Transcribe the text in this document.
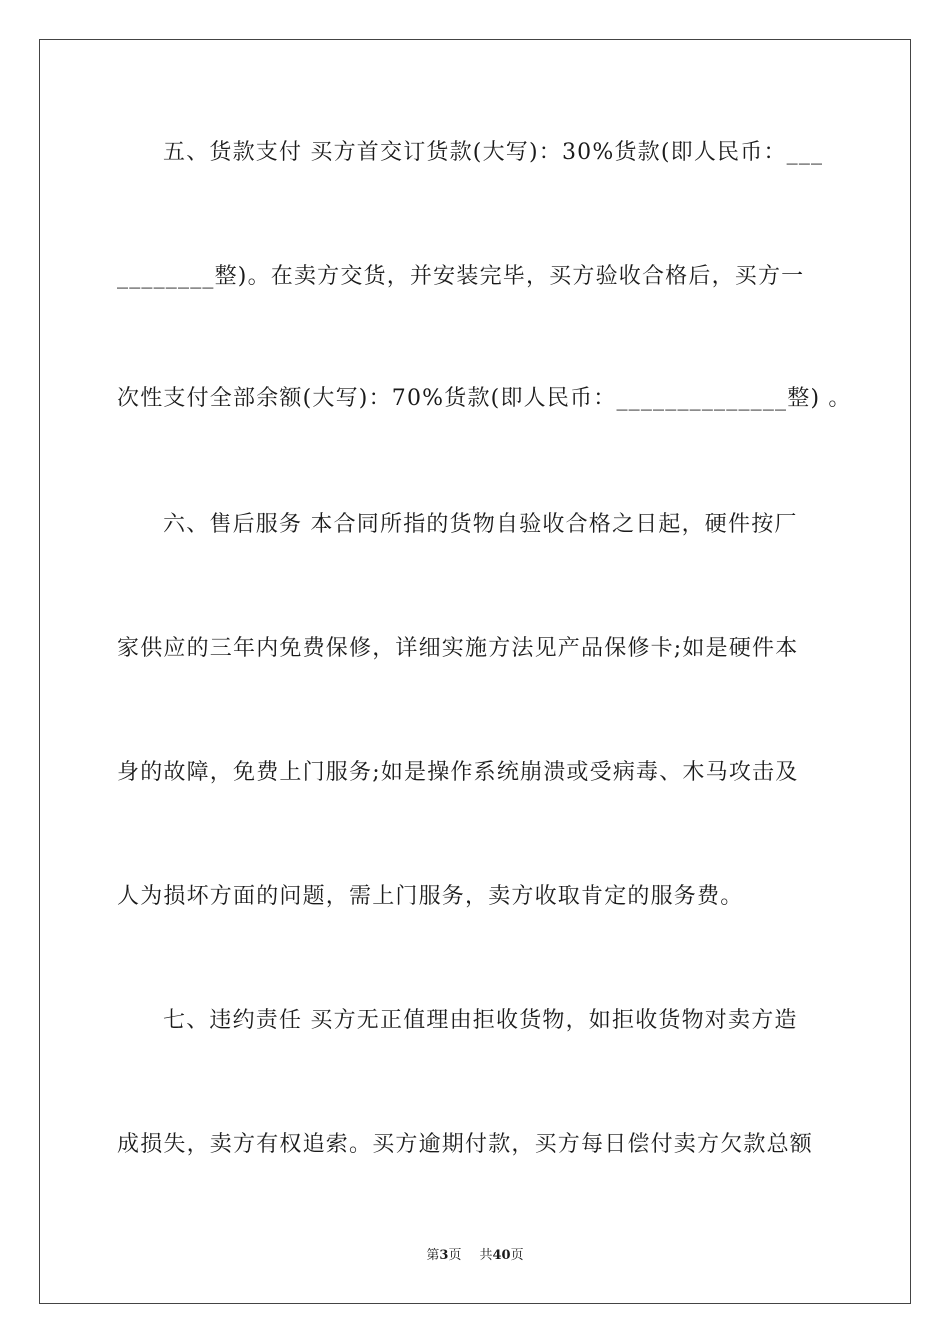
五、货款支付 买方首交订货款(大写)：30%货款(即人民币：___
________整)。在卖方交货，并安装完毕，买方验收合格后，买方一
次性支付全部余额(大写)：70%货款(即人民币：______________整) 。
六、售后服务 本合同所指的货物自验收合格之日起，硬件按厂
家供应的三年内免费保修，详细实施方法见产品保修卡;如是硬件本
身的故障，免费上门服务;如是操作系统崩溃或受病毒、木马攻击及
人为损坏方面的问题，需上门服务，卖方收取肯定的服务费。
七、违约责任 买方无正值理由拒收货物，如拒收货物对卖方造
成损失，卖方有权追索。买方逾期付款，买方每日偿付卖方欠款总额
第3页 共40页
